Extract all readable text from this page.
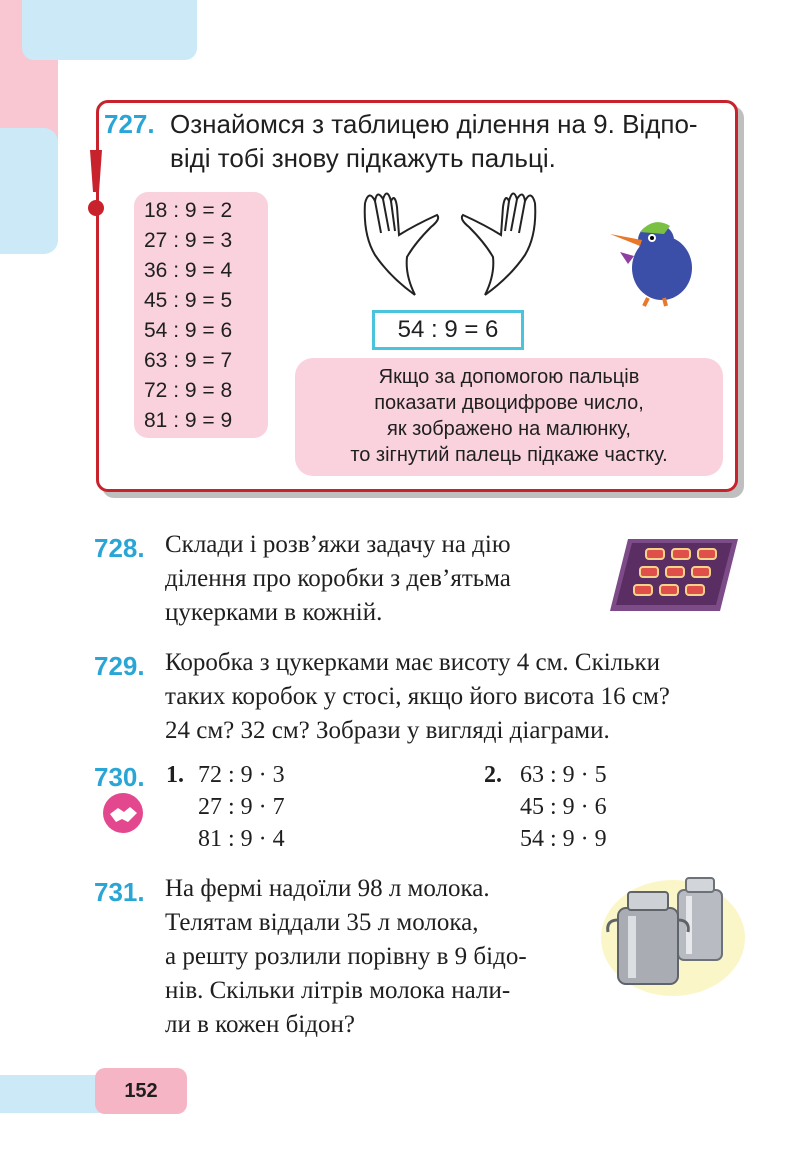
727. Ознайомся з таблицею ділення на 9. Відпо-
віді тобі знову підкажуть пальці.
18 : 9 = 2
27 : 9 = 3
36 : 9 = 4
45 : 9 = 5
54 : 9 = 6
63 : 9 = 7
72 : 9 = 8
81 : 9 = 9
54 : 9 = 6
Якщо за допомогою пальців
показати двоцифрове число,
як зображено на малюнку,
то зігнутий палець підкаже частку.
728. Склади і розв’яжи задачу на дію
ділення про коробки з дев’ятьма
цукерками в кожній.
729. Коробка з цукерками має висоту 4 см. Скільки
таких коробок у стосі, якщо його висота 16 см?
24 см? 32 см? Зобрази у вигляді діаграми.
730. 1. 72 : 9 · 3
27 : 9 · 7
81 : 9 · 4
2. 63 : 9 · 5
45 : 9 · 6
54 : 9 · 9
731. На фермі надоїли 98 л молока.
Телятам віддали 35 л молока,
а решту розлили порівну в 9 бідо-
нів. Скільки літрів молока нали-
ли в кожен бідон?
152
